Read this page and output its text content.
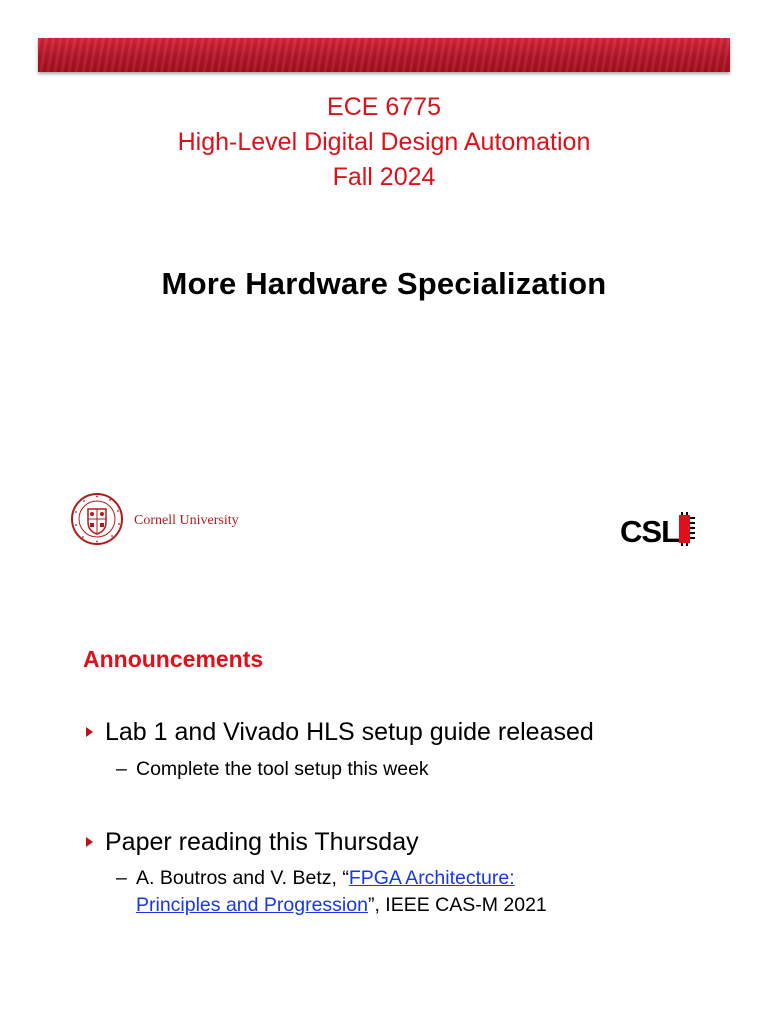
ECE 6775
High-Level Digital Design Automation
Fall 2024
More Hardware Specialization
Cornell University	CSL
Announcements
Lab 1 and Vivado HLS setup guide released
– Complete the tool setup this week
Paper reading this Thursday
– A. Boutros and V. Betz, “FPGA Architecture:
Principles and Progression”, IEEE CAS-M 2021
